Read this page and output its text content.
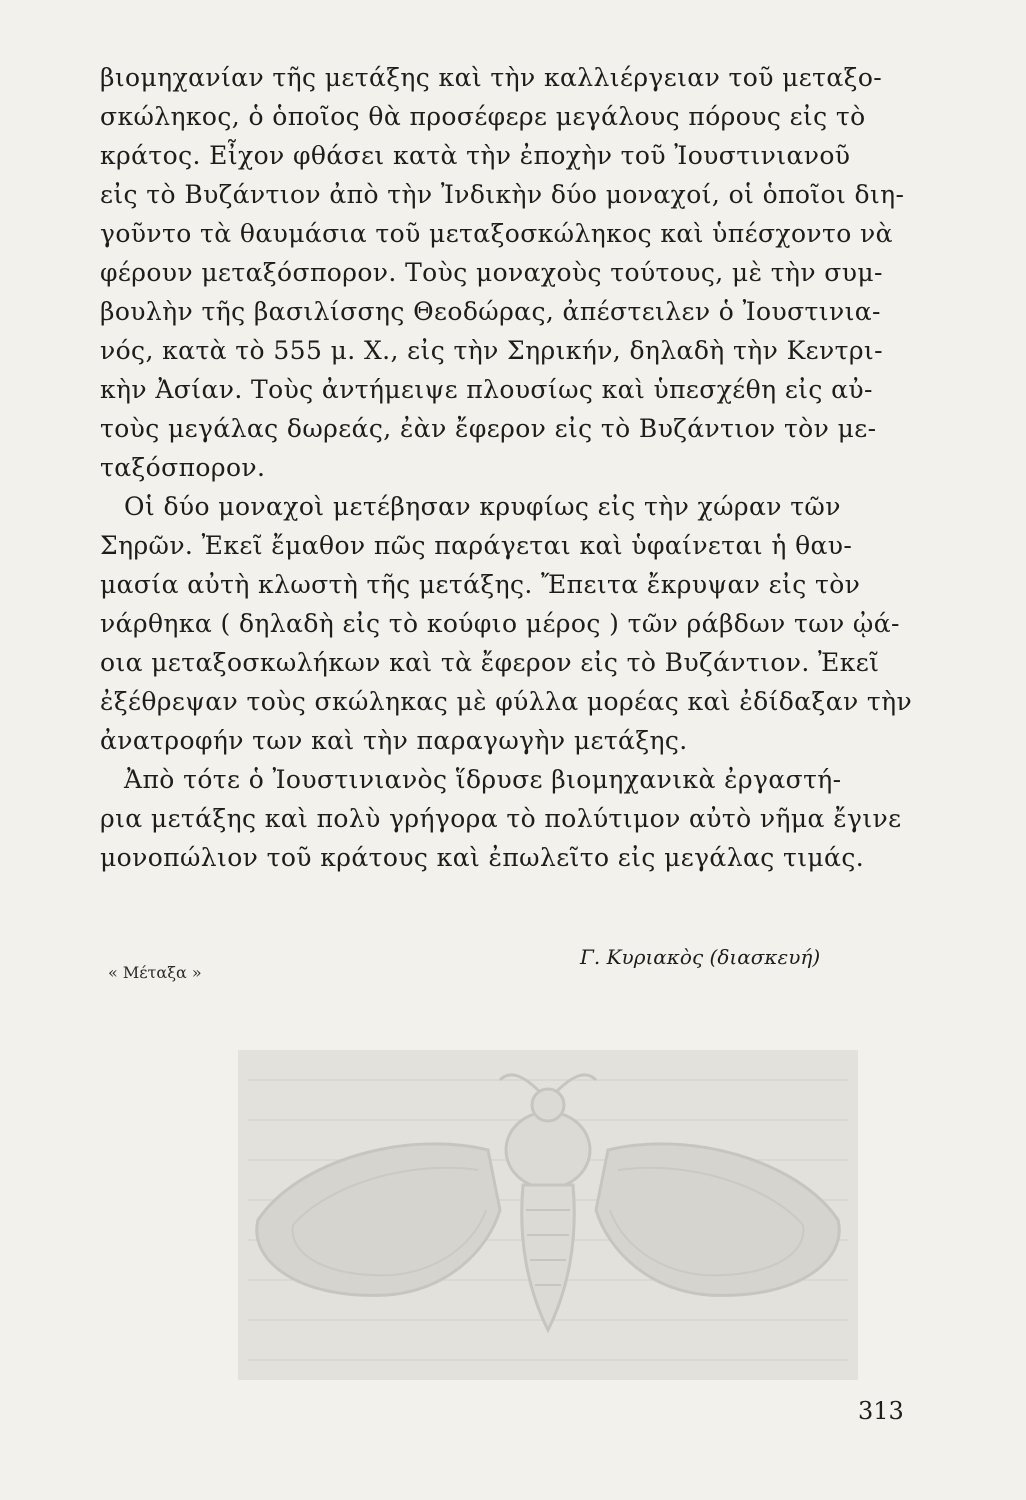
βιομηχανίαν τῆς μετάξης καὶ τὴν καλλιέργειαν τοῦ μεταξο-
σκώληκος, ὁ ὁποῖος θὰ προσέφερε μεγάλους πόρους εἰς τὸ
κράτος. Εἶχον φθάσει κατὰ τὴν ἐποχὴν τοῦ Ἰουστινιανοῦ
εἰς τὸ Βυζάντιον ἀπὸ τὴν Ἰνδικὴν δύο μοναχοί, οἱ ὁποῖοι διη-
γοῦντο τὰ θαυμάσια τοῦ μεταξοσκώληκος καὶ ὑπέσχοντο νὰ
φέρουν μεταξόσπορον. Τοὺς μοναχοὺς τούτους, μὲ τὴν συμ-
βουλὴν τῆς βασιλίσσης Θεοδώρας, ἀπέστειλεν ὁ Ἰουστινια-
νός, κατὰ τὸ 555 μ. Χ., εἰς τὴν Σηρικήν, δηλαδὴ τὴν Κεντρι-
κὴν Ἀσίαν. Τοὺς ἀντήμειψε πλουσίως καὶ ὑπεσχέθη εἰς αὐ-
τοὺς μεγάλας δωρεάς, ἐὰν ἔφερον εἰς τὸ Βυζάντιον τὸν με-
ταξόσπορον.
Οἱ δύο μοναχοὶ μετέβησαν κρυφίως εἰς τὴν χώραν τῶν
Σηρῶν. Ἐκεῖ ἔμαθον πῶς παράγεται καὶ ὑφαίνεται ἡ θαυ-
μασία αὐτὴ κλωστὴ τῆς μετάξης. Ἔπειτα ἔκρυψαν εἰς τὸν
νάρθηκα ( δηλαδὴ εἰς τὸ κούφιο μέρος ) τῶν ράβδων των ᾠά-
οια μεταξοσκωλήκων καὶ τὰ ἔφερον εἰς τὸ Βυζάντιον. Ἐκεῖ
ἐξέθρεψαν τοὺς σκώληκας μὲ φύλλα μορέας καὶ ἐδίδαξαν τὴν
ἀνατροφήν των καὶ τὴν παραγωγὴν μετάξης.
Ἀπὸ τότε ὁ Ἰουστινιανὸς ἵδρυσε βιομηχανικὰ ἐργαστή-
ρια μετάξης καὶ πολὺ γρήγορα τὸ πολύτιμον αὐτὸ νῆμα ἔγινε
μονοπώλιον τοῦ κράτους καὶ ἐπωλεῖτο εἰς μεγάλας τιμάς.
Γ. Κυριακὸς (διασκευή)
« Μέταξα »
313
